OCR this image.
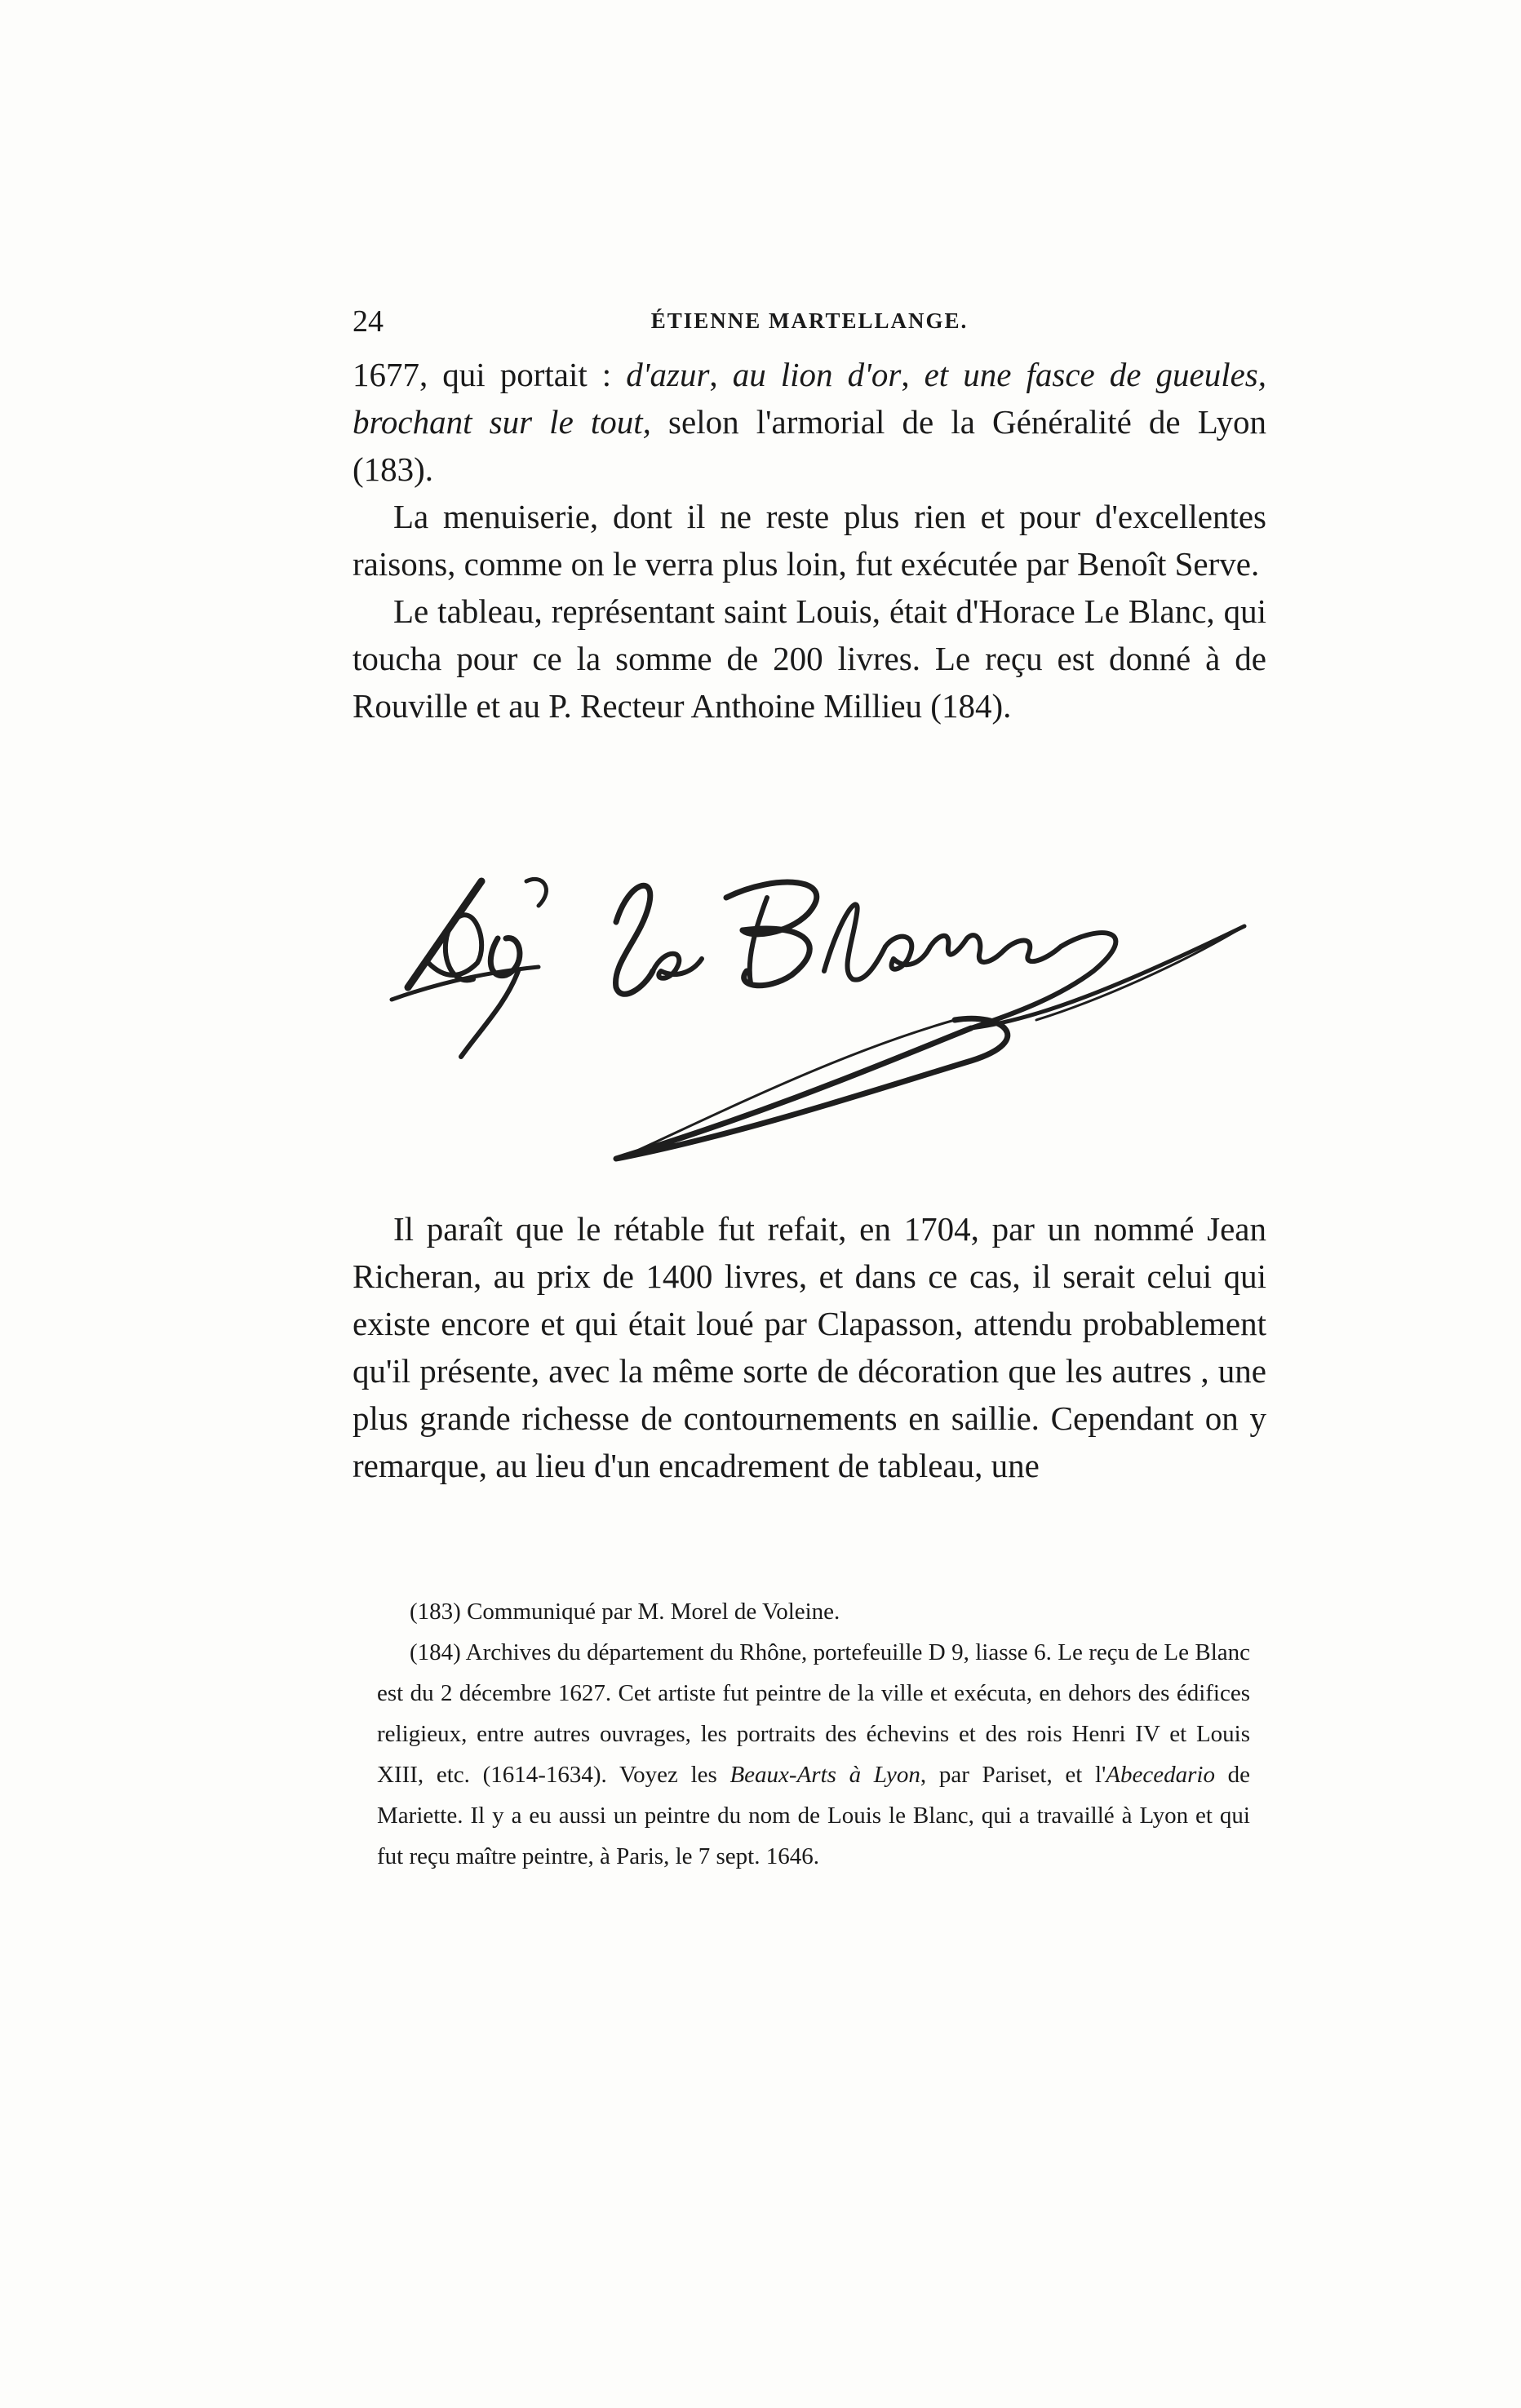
24	ÉTIENNE MARTELLANGE.

1677, qui portait : d'azur, au lion d'or, et une fasce de gueules, brochant sur le tout, selon l'armorial de la Généralité de Lyon (183).

La menuiserie, dont il ne reste plus rien et pour d'excellentes raisons, comme on le verra plus loin, fut exécutée par Benoît Serve.

Le tableau, représentant saint Louis, était d'Horace Le Blanc, qui toucha pour ce la somme de 200 livres. Le reçu est donné à de Rouville et au P. Recteur Anthoine Millieu (184).

Il paraît que le rétable fut refait, en 1704, par un nommé Jean Richeran, au prix de 1400 livres, et dans ce cas, il serait celui qui existe encore et qui était loué par Clapasson, attendu probablement qu'il présente, avec la même sorte de décoration que les autres , une plus grande richesse de contournements en saillie. Cependant on y remarque, au lieu d'un encadrement de tableau, une

(183) Communiqué par M. Morel de Voleine.

(184) Archives du département du Rhône, portefeuille D 9, liasse 6. Le reçu de Le Blanc est du 2 décembre 1627. Cet artiste fut peintre de la ville et exécuta, en dehors des édifices religieux, entre autres ouvrages, les portraits des échevins et des rois Henri IV et Louis XIII, etc. (1614-1634). Voyez les Beaux-Arts à Lyon, par Pariset, et l'Abecedario de Mariette. Il y a eu aussi un peintre du nom de Louis le Blanc, qui a travaillé à Lyon et qui fut reçu maître peintre, à Paris, le 7 sept. 1646.
